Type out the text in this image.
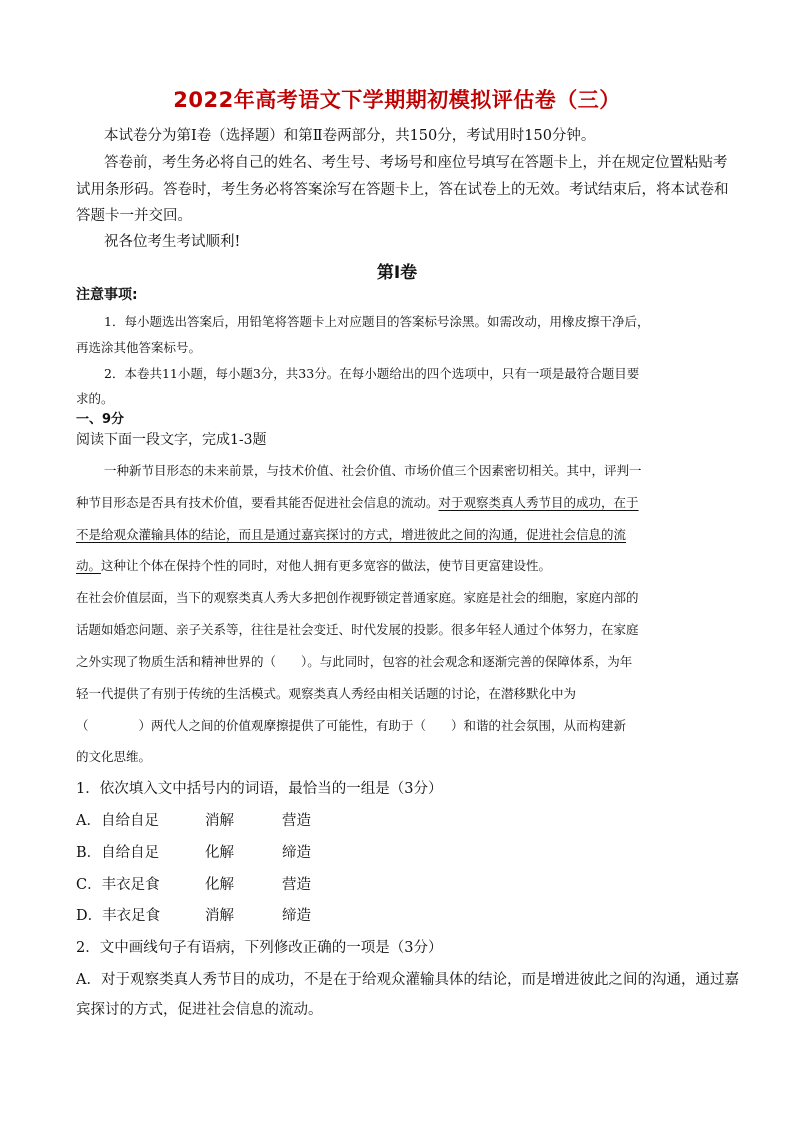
2022年高考语文下学期期初模拟评估卷（三）
本试卷分为第Ⅰ卷（选择题）和第Ⅱ卷两部分，共150分，考试用时150分钟。
答卷前，考生务必将自己的姓名、考生号、考场号和座位号填写在答题卡上，并在规定位置粘贴考
试用条形码。答卷时，考生务必将答案涂写在答题卡上，答在试卷上的无效。考试结束后，将本试卷和
答题卡一并交回。
祝各位考生考试顺利!
第Ⅰ卷
注意事项:
1．每小题选出答案后，用铅笔将答题卡上对应题目的答案标号涂黑。如需改动，用橡皮擦干净后，
再选涂其他答案标号。
2．本卷共11小题，每小题3分，共33分。在每小题给出的四个选项中，只有一项是最符合题目要
求的。
一、9分
阅读下面一段文字，完成1-3题
一种新节目形态的未来前景，与技术价值、社会价值、市场价值三个因素密切相关。其中，评判一
种节目形态是否具有技术价值，要看其能否促进社会信息的流动。对于观察类真人秀节目的成功，在于
不是给观众灌输具体的结论，而且是通过嘉宾探讨的方式，增进彼此之间的沟通，促进社会信息的流
动。这种让个体在保持个性的同时，对他人拥有更多宽容的做法，使节目更富建设性。
在社会价值层面，当下的观察类真人秀大多把创作视野锁定普通家庭。家庭是社会的细胞，家庭内部的
话题如婚恋问题、亲子关系等，往往是社会变迁、时代发展的投影。很多年轻人通过个体努力，在家庭
之外实现了物质生活和精神世界的（　　）。与此同时，包容的社会观念和逐渐完善的保障体系，为年
轻一代提供了有别于传统的生活模式。观察类真人秀经由相关话题的讨论，在潜移默化中为
（　　　　）两代人之间的价值观摩擦提供了可能性，有助于（　　）和谐的社会氛围，从而构建新
的文化思维。
1．依次填入文中括号内的词语，最恰当的一组是（3分）
A．自给自足	消解	营造
B．自给自足	化解	缔造
C．丰衣足食	化解	营造
D．丰衣足食	消解	缔造
2．文中画线句子有语病，下列修改正确的一项是（3分）
A．对于观察类真人秀节目的成功，不是在于给观众灌输具体的结论，而是增进彼此之间的沟通，通过嘉
宾探讨的方式，促进社会信息的流动。
